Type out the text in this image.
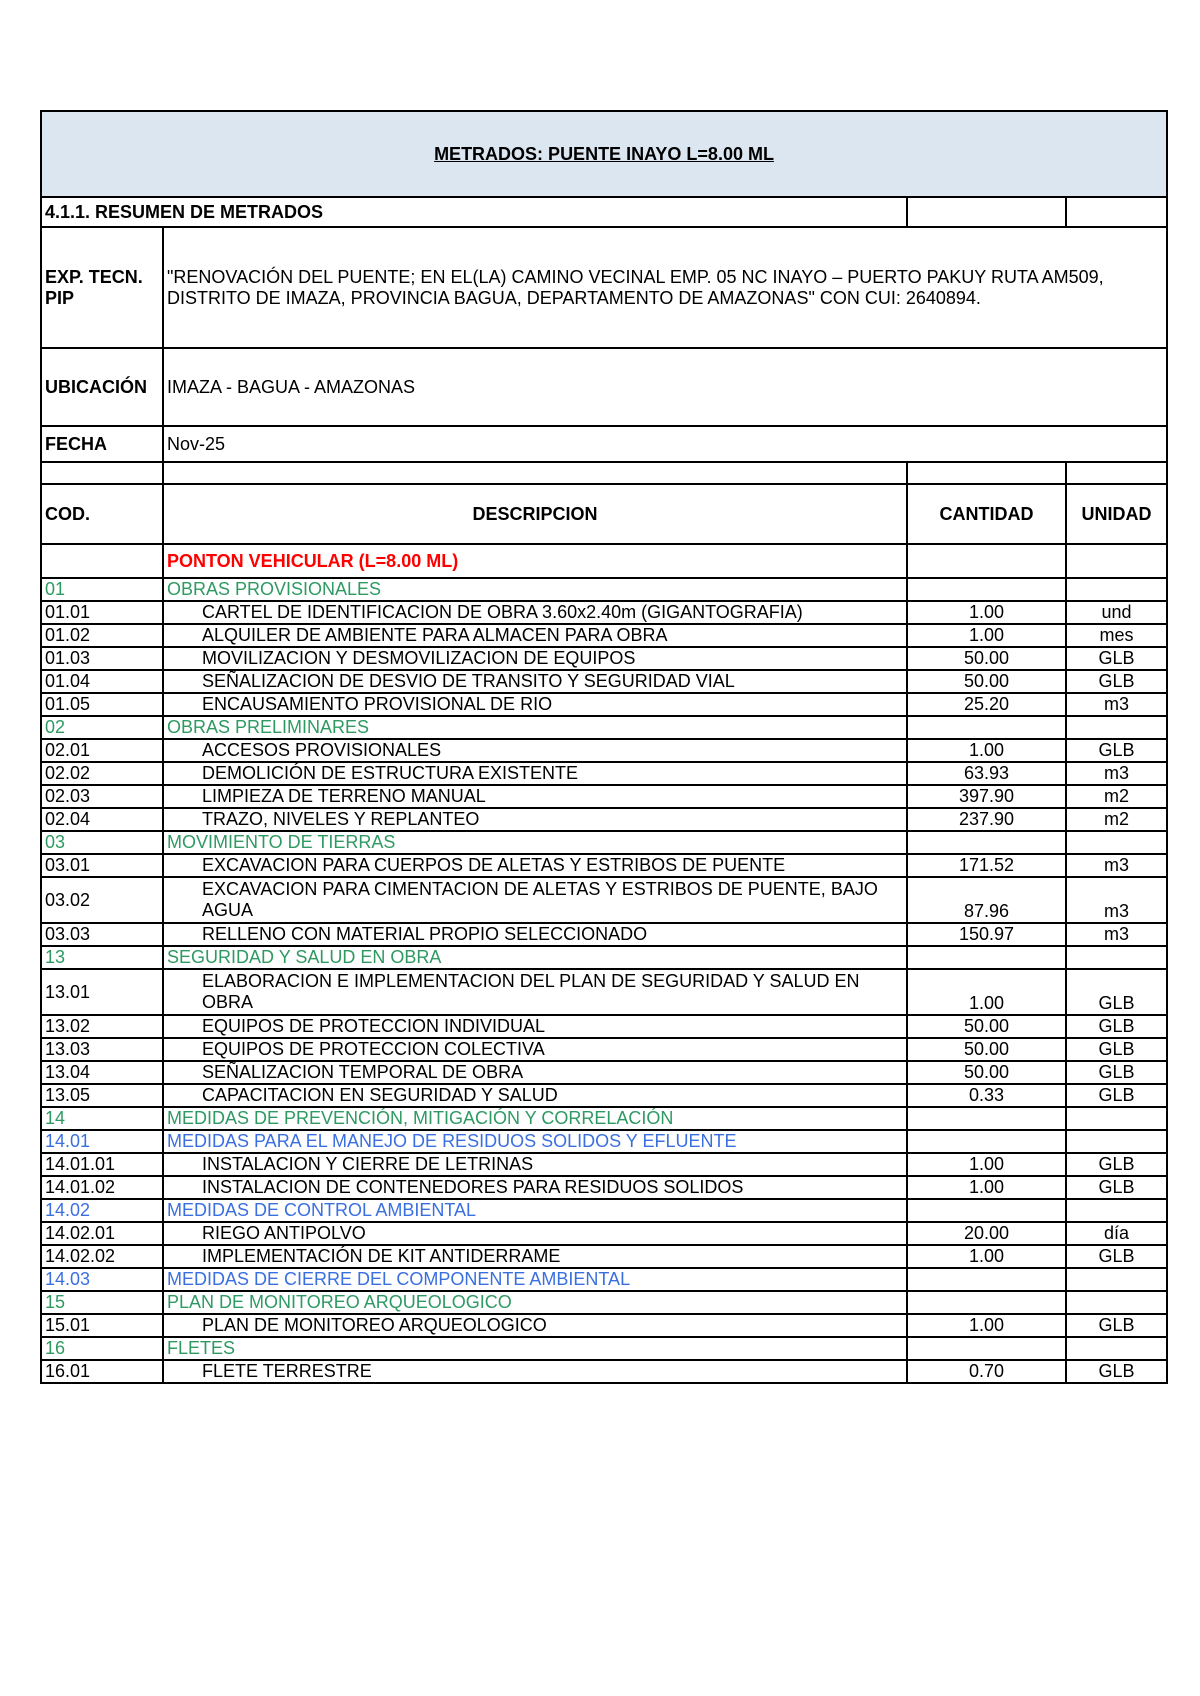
METRADOS: PUENTE INAYO L=8.00 ML			
4.1.1. RESUMEN DE METRADOS			
EXP. TECN. PIP	"RENOVACIÓN DEL PUENTE; EN EL(LA) CAMINO VECINAL EMP. 05 NC INAYO – PUERTO PAKUY RUTA AM509, DISTRITO DE IMAZA, PROVINCIA BAGUA, DEPARTAMENTO DE AMAZONAS" CON CUI: 2640894.		
UBICACIÓN	IMAZA - BAGUA - AMAZONAS		
FECHA	Nov-25		

COD.	DESCRIPCION	CANTIDAD	UNIDAD
	PONTON VEHICULAR (L=8.00 ML)		
01	OBRAS PROVISIONALES		
01.01	CARTEL DE IDENTIFICACION DE OBRA 3.60x2.40m (GIGANTOGRAFIA)	1.00	und
01.02	ALQUILER DE AMBIENTE PARA ALMACEN PARA OBRA	1.00	mes
01.03	MOVILIZACION Y DESMOVILIZACION DE EQUIPOS	50.00	GLB
01.04	SEÑALIZACION DE DESVIO DE TRANSITO Y SEGURIDAD VIAL	50.00	GLB
01.05	ENCAUSAMIENTO PROVISIONAL DE RIO	25.20	m3
02	OBRAS PRELIMINARES		
02.01	ACCESOS PROVISIONALES	1.00	GLB
02.02	DEMOLICIÓN DE ESTRUCTURA EXISTENTE	63.93	m3
02.03	LIMPIEZA DE TERRENO MANUAL	397.90	m2
02.04	TRAZO, NIVELES Y REPLANTEO	237.90	m2
03	MOVIMIENTO DE TIERRAS		
03.01	EXCAVACION PARA CUERPOS DE ALETAS Y ESTRIBOS DE PUENTE	171.52	m3
03.02	EXCAVACION PARA CIMENTACION DE ALETAS Y ESTRIBOS DE PUENTE, BAJO AGUA	87.96	m3
03.03	RELLENO CON MATERIAL PROPIO SELECCIONADO	150.97	m3
13	SEGURIDAD Y SALUD EN OBRA		
13.01	ELABORACION E IMPLEMENTACION DEL PLAN DE SEGURIDAD Y SALUD EN OBRA	1.00	GLB
13.02	EQUIPOS DE PROTECCION INDIVIDUAL	50.00	GLB
13.03	EQUIPOS DE PROTECCION COLECTIVA	50.00	GLB
13.04	SEÑALIZACION TEMPORAL DE OBRA	50.00	GLB
13.05	CAPACITACION EN SEGURIDAD Y SALUD	0.33	GLB
14	MEDIDAS DE PREVENCIÓN, MITIGACIÓN Y CORRELACIÓN		
14.01	MEDIDAS PARA EL MANEJO DE RESIDUOS SOLIDOS Y EFLUENTE		
14.01.01	INSTALACION Y CIERRE DE LETRINAS	1.00	GLB
14.01.02	INSTALACION DE CONTENEDORES PARA RESIDUOS SOLIDOS	1.00	GLB
14.02	MEDIDAS DE CONTROL AMBIENTAL		
14.02.01	RIEGO ANTIPOLVO	20.00	día
14.02.02	IMPLEMENTACIÓN DE KIT ANTIDERRAME	1.00	GLB
14.03	MEDIDAS DE CIERRE DEL COMPONENTE AMBIENTAL		
15	PLAN DE MONITOREO ARQUEOLOGICO		
15.01	PLAN DE MONITOREO ARQUEOLOGICO	1.00	GLB
16	FLETES		
16.01	FLETE TERRESTRE	0.70	GLB
